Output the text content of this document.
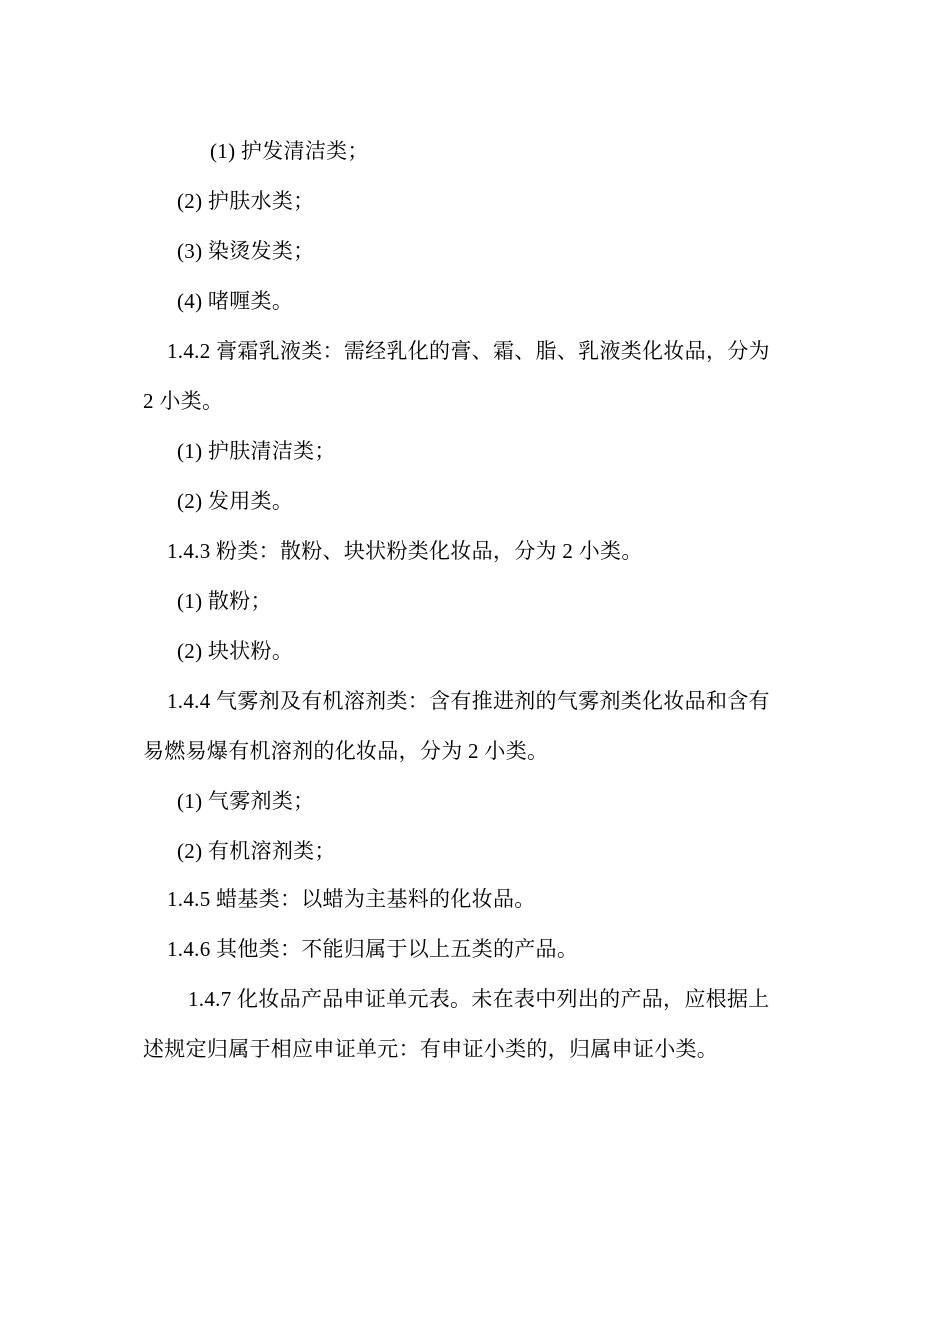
(1) 护发清洁类；
(2) 护肤水类；
(3) 染烫发类；
(4) 啫喱类。
1.4.2 膏霜乳液类：需经乳化的膏、霜、脂、乳液类化妆品，分为
2 小类。
(1) 护肤清洁类；
(2) 发用类。
1.4.3 粉类：散粉、块状粉类化妆品，分为 2 小类。
(1) 散粉；
(2) 块状粉。
1.4.4 气雾剂及有机溶剂类：含有推进剂的气雾剂类化妆品和含有
易燃易爆有机溶剂的化妆品，分为 2 小类。
(1) 气雾剂类；
(2) 有机溶剂类；
1.4.5 蜡基类：以蜡为主基料的化妆品。
1.4.6 其他类：不能归属于以上五类的产品。
1.4.7 化妆品产品申证单元表。未在表中列出的产品，应根据上
述规定归属于相应申证单元：有申证小类的，归属申证小类。
